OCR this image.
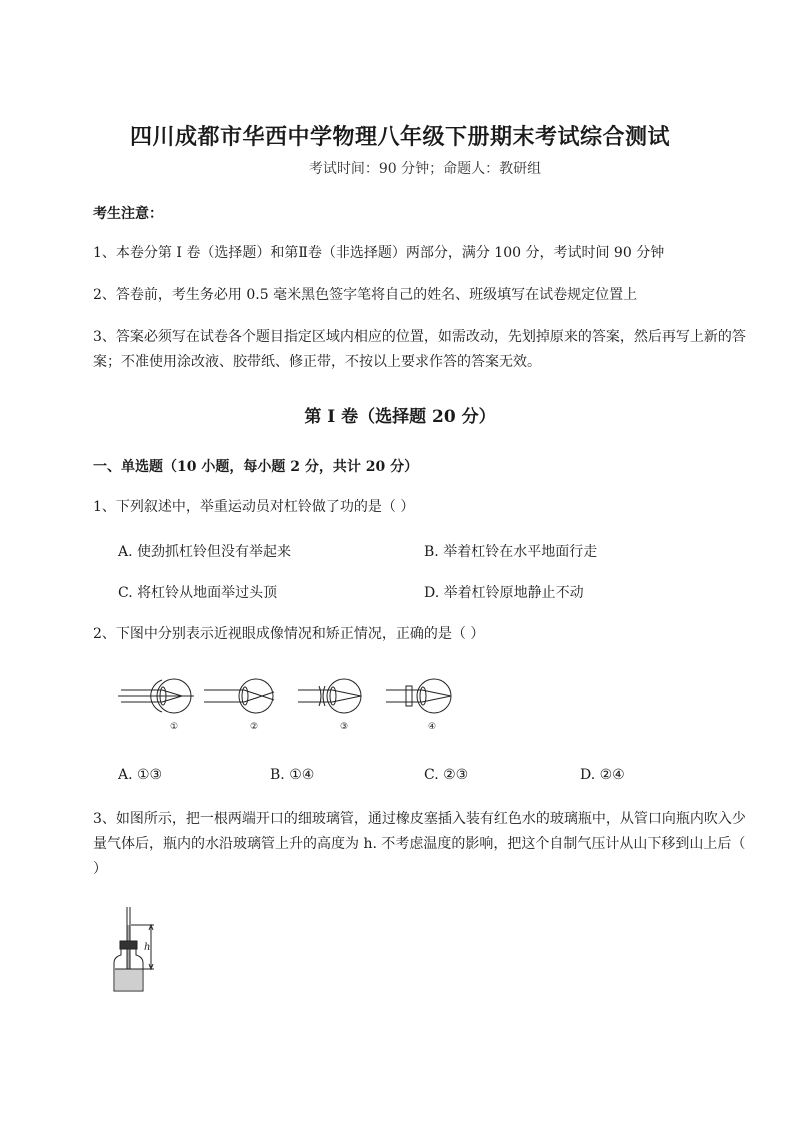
四川成都市华西中学物理八年级下册期末考试综合测试
考试时间：90 分钟；命题人：教研组
考生注意：
1、本卷分第 I 卷（选择题）和第Ⅱ卷（非选择题）两部分，满分 100 分，考试时间 90 分钟
2、答卷前，考生务必用 0.5 毫米黑色签字笔将自己的姓名、班级填写在试卷规定位置上
3、答案必须写在试卷各个题目指定区域内相应的位置，如需改动，先划掉原来的答案，然后再写上新的答案；不准使用涂改液、胶带纸、修正带，不按以上要求作答的答案无效。
第 I 卷（选择题 20 分）
一、单选题（10 小题，每小题 2 分，共计 20 分）
1、下列叙述中，举重运动员对杠铃做了功的是（ ）
A. 使劲抓杠铃但没有举起来	B. 举着杠铃在水平地面行走
C. 将杠铃从地面举过头顶	D. 举着杠铃原地静止不动
2、下图中分别表示近视眼成像情况和矫正情况，正确的是（ ）
①	②	③	④
A. ①③	B. ①④	C. ②③	D. ②④
3、如图所示，把一根两端开口的细玻璃管，通过橡皮塞插入装有红色水的玻璃瓶中，从管口向瓶内吹入少量气体后，瓶内的水沿玻璃管上升的高度为 h. 不考虑温度的影响，把这个自制气压计从山下移到山上后（ ）
h
